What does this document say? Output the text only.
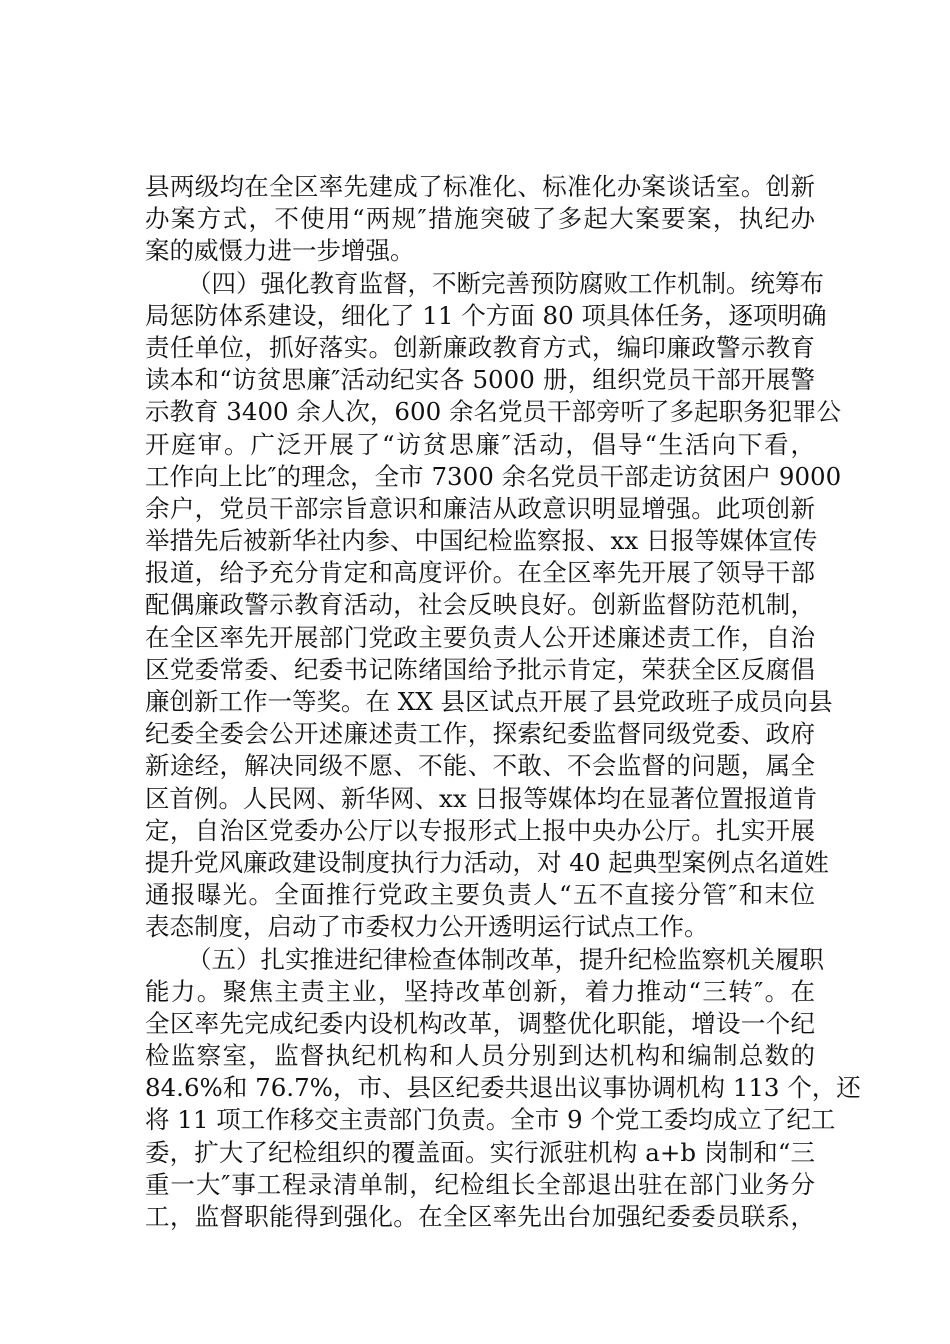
县两级均在全区率先建成了标准化、标准化办案谈话室。创新
办案方式，不使用“两规″措施突破了多起大案要案，执纪办
案的威慑力进一步增强。
（四）强化教育监督，不断完善预防腐败工作机制。统筹布
局惩防体系建设，细化了 11 个方面 80 项具体任务，逐项明确
责任单位，抓好落实。创新廉政教育方式，编印廉政警示教育
读本和“访贫思廉″活动纪实各 5000 册，组织党员干部开展警
示教育 3400 余人次，600 余名党员干部旁听了多起职务犯罪公
开庭审。广泛开展了“访贫思廉″活动，倡导“生活向下看，
工作向上比″的理念，全市 7300 余名党员干部走访贫困户 9000
余户，党员干部宗旨意识和廉洁从政意识明显增强。此项创新
举措先后被新华社内参、中国纪检监察报、xx 日报等媒体宣传
报道，给予充分肯定和高度评价。在全区率先开展了领导干部
配偶廉政警示教育活动，社会反映良好。创新监督防范机制，
在全区率先开展部门党政主要负责人公开述廉述责工作，自治
区党委常委、纪委书记陈绪国给予批示肯定，荣获全区反腐倡
廉创新工作一等奖。在 XX 县区试点开展了县党政班子成员向县
纪委全委会公开述廉述责工作，探索纪委监督同级党委、政府
新途经，解决同级不愿、不能、不敢、不会监督的问题，属全
区首例。人民网、新华网、xx 日报等媒体均在显著位置报道肯
定，自治区党委办公厅以专报形式上报中央办公厅。扎实开展
提升党风廉政建设制度执行力活动，对 40 起典型案例点名道姓
通报曝光。全面推行党政主要负责人“五不直接分管″和末位
表态制度，启动了市委权力公开透明运行试点工作。
（五）扎实推进纪律检查体制改革，提升纪检监察机关履职
能力。聚焦主责主业，坚持改革创新，着力推动“三转″。在
全区率先完成纪委内设机构改革，调整优化职能，增设一个纪
检监察室，监督执纪机构和人员分别到达机构和编制总数的
84.6%和 76.7%，市、县区纪委共退出议事协调机构 113 个，还
将 11 项工作移交主责部门负责。全市 9 个党工委均成立了纪工
委，扩大了纪检组织的覆盖面。实行派驻机构 a+b 岗制和“三
重一大″事工程录清单制，纪检组长全部退出驻在部门业务分
工，监督职能得到强化。在全区率先出台加强纪委委员联系，
